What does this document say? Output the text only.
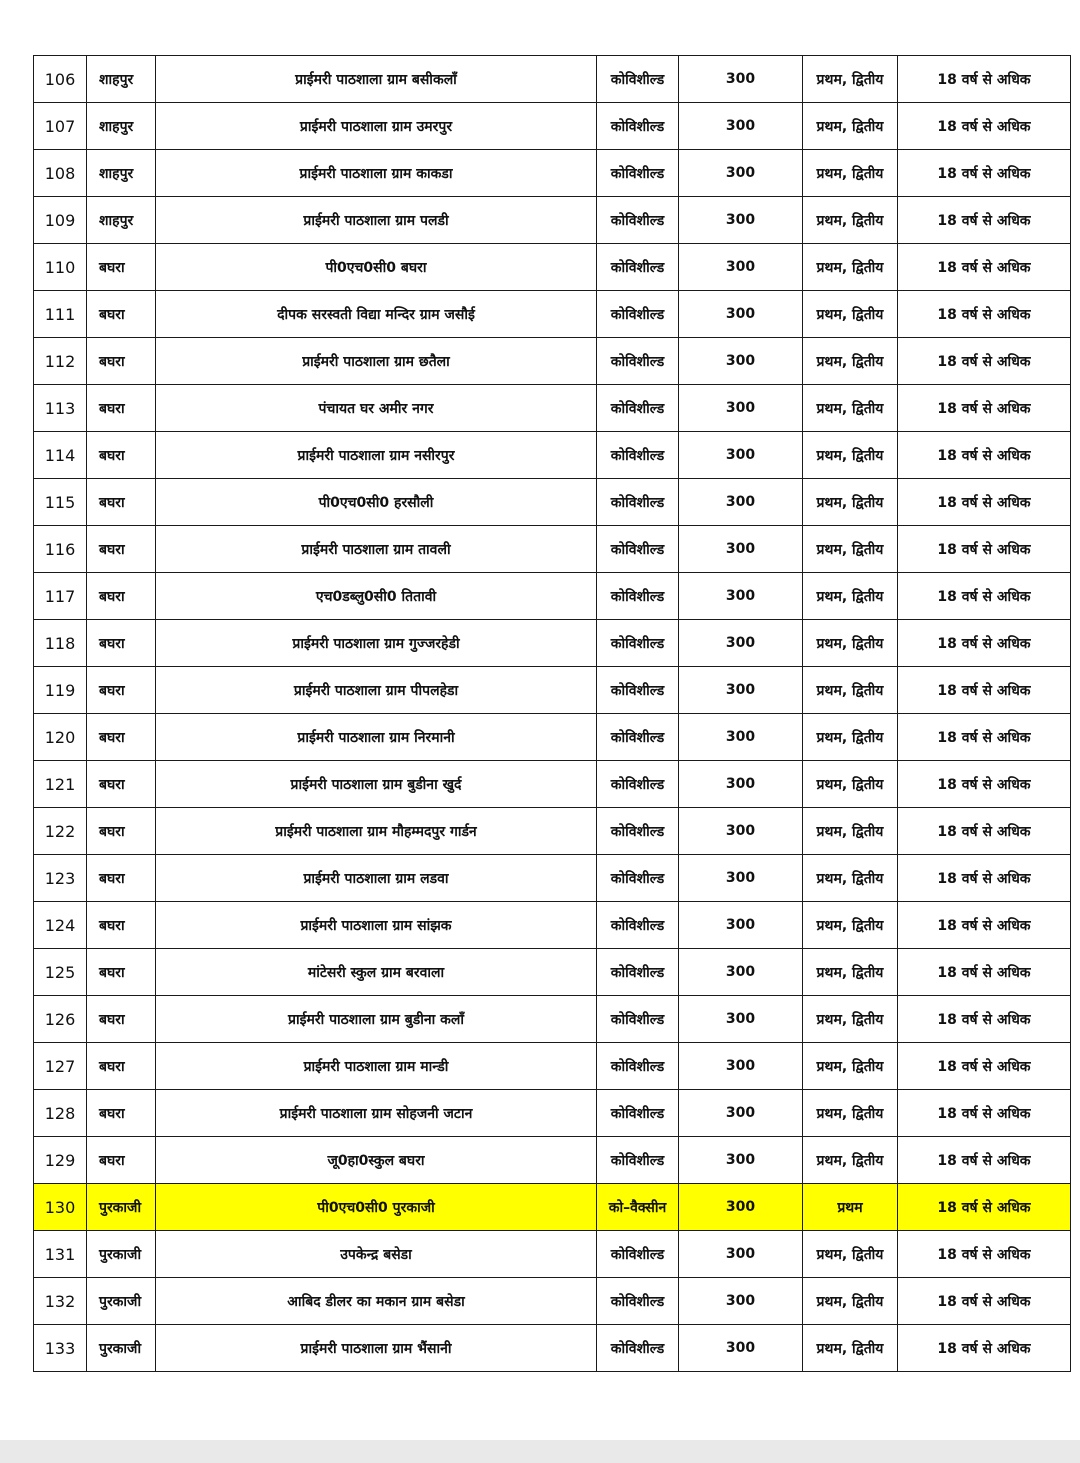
106	शाहपुर	प्राईमरी पाठशाला ग्राम बसीकलॉं	कोविशील्ड	300	प्रथम, द्वितीय	18 वर्ष से अधिक
107	शाहपुर	प्राईमरी पाठशाला ग्राम उमरपुर	कोविशील्ड	300	प्रथम, द्वितीय	18 वर्ष से अधिक
108	शाहपुर	प्राईमरी पाठशाला ग्राम काकडा	कोविशील्ड	300	प्रथम, द्वितीय	18 वर्ष से अधिक
109	शाहपुर	प्राईमरी पाठशाला ग्राम पलडी	कोविशील्ड	300	प्रथम, द्वितीय	18 वर्ष से अधिक
110	बघरा	पी0एच0सी0 बघरा	कोविशील्ड	300	प्रथम, द्वितीय	18 वर्ष से अधिक
111	बघरा	दीपक सरस्वती विद्या मन्दिर ग्राम जसौई	कोविशील्ड	300	प्रथम, द्वितीय	18 वर्ष से अधिक
112	बघरा	प्राईमरी पाठशाला ग्राम छतैला	कोविशील्ड	300	प्रथम, द्वितीय	18 वर्ष से अधिक
113	बघरा	पंचायत घर अमीर नगर	कोविशील्ड	300	प्रथम, द्वितीय	18 वर्ष से अधिक
114	बघरा	प्राईमरी पाठशाला ग्राम नसीरपुर	कोविशील्ड	300	प्रथम, द्वितीय	18 वर्ष से अधिक
115	बघरा	पी0एच0सी0 हरसौली	कोविशील्ड	300	प्रथम, द्वितीय	18 वर्ष से अधिक
116	बघरा	प्राईमरी पाठशाला ग्राम तावली	कोविशील्ड	300	प्रथम, द्वितीय	18 वर्ष से अधिक
117	बघरा	एच0डब्लु0सी0 तितावी	कोविशील्ड	300	प्रथम, द्वितीय	18 वर्ष से अधिक
118	बघरा	प्राईमरी पाठशाला ग्राम गुज्जरहेडी	कोविशील्ड	300	प्रथम, द्वितीय	18 वर्ष से अधिक
119	बघरा	प्राईमरी पाठशाला ग्राम पीपलहेडा	कोविशील्ड	300	प्रथम, द्वितीय	18 वर्ष से अधिक
120	बघरा	प्राईमरी पाठशाला ग्राम निरमानी	कोविशील्ड	300	प्रथम, द्वितीय	18 वर्ष से अधिक
121	बघरा	प्राईमरी पाठशाला ग्राम बुडीना खुर्द	कोविशील्ड	300	प्रथम, द्वितीय	18 वर्ष से अधिक
122	बघरा	प्राईमरी पाठशाला ग्राम मौहम्मदपुर गार्डन	कोविशील्ड	300	प्रथम, द्वितीय	18 वर्ष से अधिक
123	बघरा	प्राईमरी पाठशाला ग्राम लडवा	कोविशील्ड	300	प्रथम, द्वितीय	18 वर्ष से अधिक
124	बघरा	प्राईमरी पाठशाला ग्राम सांझक	कोविशील्ड	300	प्रथम, द्वितीय	18 वर्ष से अधिक
125	बघरा	मांटेसरी स्कुल ग्राम बरवाला	कोविशील्ड	300	प्रथम, द्वितीय	18 वर्ष से अधिक
126	बघरा	प्राईमरी पाठशाला ग्राम बुडीना कलॉं	कोविशील्ड	300	प्रथम, द्वितीय	18 वर्ष से अधिक
127	बघरा	प्राईमरी पाठशाला ग्राम मान्डी	कोविशील्ड	300	प्रथम, द्वितीय	18 वर्ष से अधिक
128	बघरा	प्राईमरी पाठशाला ग्राम सोहजनी जटान	कोविशील्ड	300	प्रथम, द्वितीय	18 वर्ष से अधिक
129	बघरा	जू0हा0स्कुल बघरा	कोविशील्ड	300	प्रथम, द्वितीय	18 वर्ष से अधिक
130	पुरकाजी	पी0एच0सी0 पुरकाजी	को–वैक्सीन	300	प्रथम	18 वर्ष से अधिक
131	पुरकाजी	उपकेन्द्र बसेडा	कोविशील्ड	300	प्रथम, द्वितीय	18 वर्ष से अधिक
132	पुरकाजी	आबिद डीलर का मकान ग्राम बसेडा	कोविशील्ड	300	प्रथम, द्वितीय	18 वर्ष से अधिक
133	पुरकाजी	प्राईमरी पाठशाला ग्राम भैंसानी	कोविशील्ड	300	प्रथम, द्वितीय	18 वर्ष से अधिक
